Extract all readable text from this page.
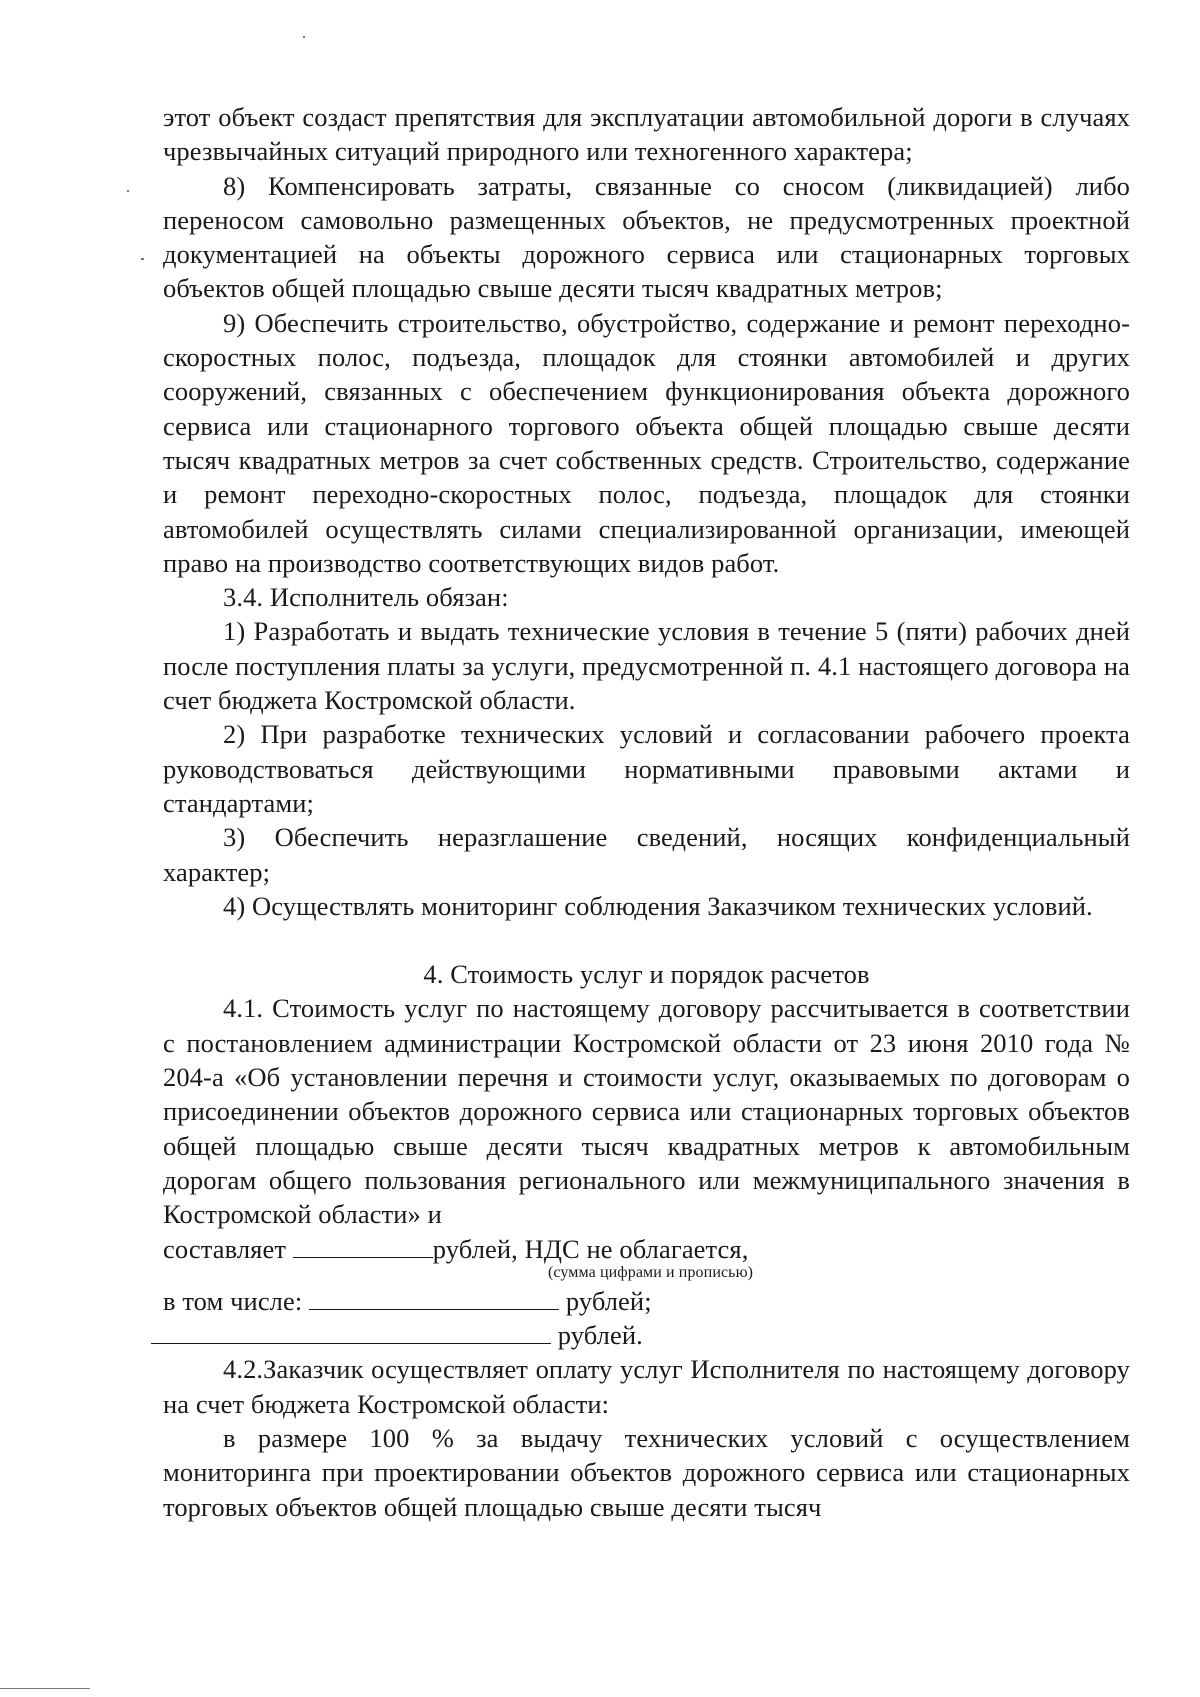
этот объект создаст препятствия для эксплуатации автомобильной дороги в случаях чрезвычайных ситуаций природного или техногенного характера;

8) Компенсировать затраты, связанные со сносом (ликвидацией) либо переносом самовольно размещенных объектов, не предусмотренных проектной документацией на объекты дорожного сервиса или стационарных торговых объектов общей площадью свыше десяти тысяч квадратных метров;

9) Обеспечить строительство, обустройство, содержание и ремонт переходно-скоростных полос, подъезда, площадок для стоянки автомобилей и других сооружений, связанных с обеспечением функционирования объекта дорожного сервиса или стационарного торгового объекта общей площадью свыше десяти тысяч квадратных метров за счет собственных средств. Строительство, содержание и ремонт переходно-скоростных полос, подъезда, площадок для стоянки автомобилей осуществлять силами специализированной организации, имеющей право на производство соответствующих видов работ.

3.4. Исполнитель обязан:

1) Разработать и выдать технические условия в течение 5 (пяти) рабочих дней после поступления платы за услуги, предусмотренной п. 4.1 настоящего договора на счет бюджета Костромской области.

2) При разработке технических условий и согласовании рабочего проекта руководствоваться действующими нормативными правовыми актами и стандартами;

3) Обеспечить неразглашение сведений, носящих конфиденциальный характер;

4) Осуществлять мониторинг соблюдения Заказчиком технических условий.

4. Стоимость услуг и порядок расчетов

4.1. Стоимость услуг по настоящему договору рассчитывается в соответствии с постановлением администрации Костромской области от 23 июня 2010 года № 204-а «Об установлении перечня и стоимости услуг, оказываемых по договорам о присоединении объектов дорожного сервиса или стационарных торговых объектов общей площадью свыше десяти тысяч квадратных метров к автомобильным дорогам общего пользования регионального или межмуниципального значения в Костромской области» и

составляет	рублей, НДС не облагается,

(сумма цифрами и прописью)

в том числе:	рублей;

рублей.

4.2.Заказчик осуществляет оплату услуг Исполнителя по настоящему договору на счет бюджета Костромской области:

в размере 100 % за выдачу технических условий с осуществлением мониторинга при проектировании объектов дорожного сервиса или стационарных торговых объектов общей площадью свыше десяти тысяч
